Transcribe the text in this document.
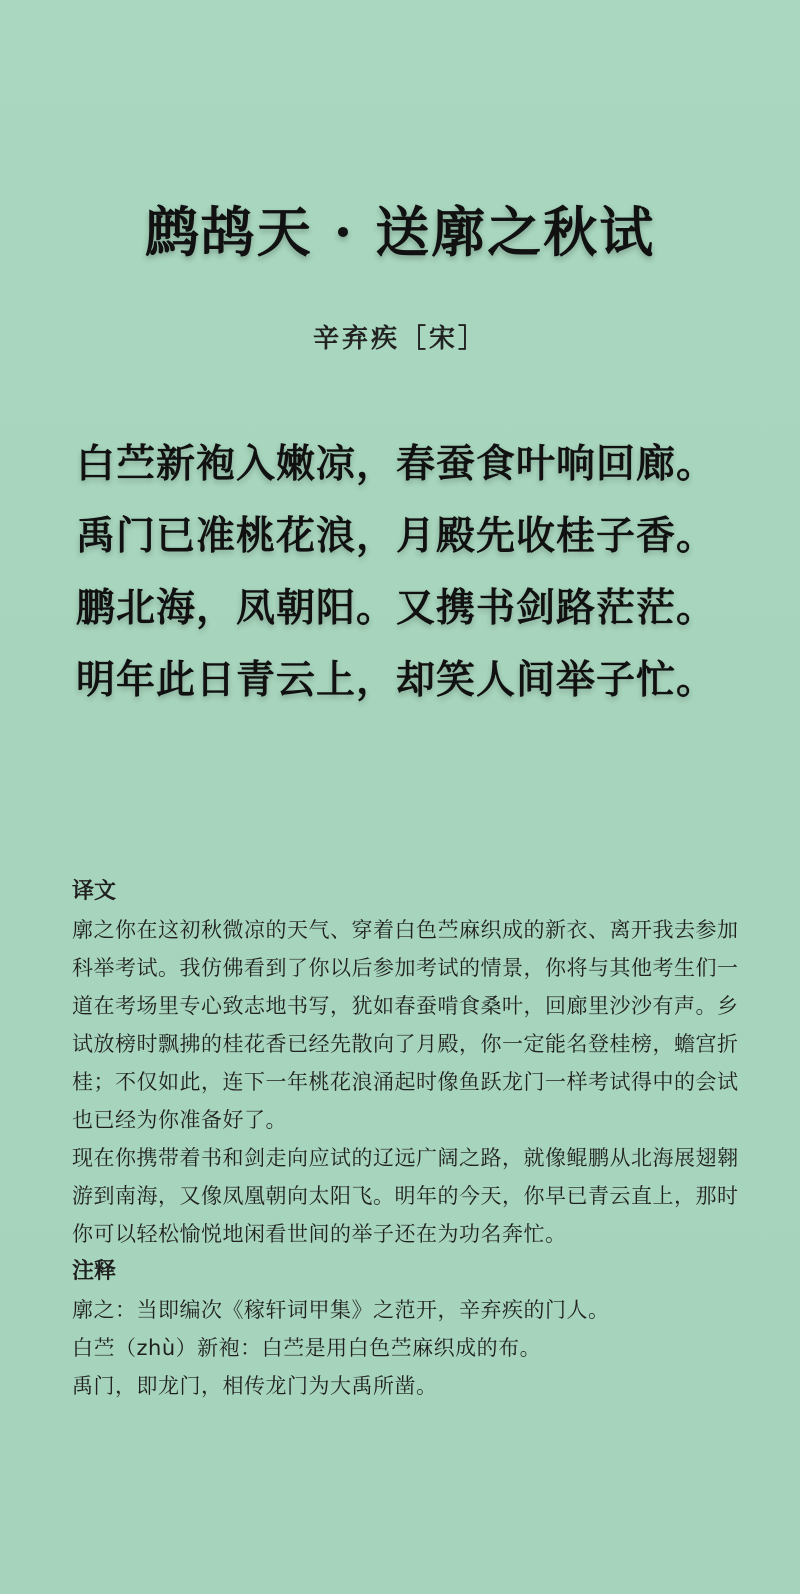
鹧鸪天 · 送廓之秋试
辛弃疾［宋］
白苎新袍入嫩凉，春蚕食叶响回廊。
禹门已准桃花浪，月殿先收桂子香。
鹏北海，凤朝阳。又携书剑路茫茫。
明年此日青云上，却笑人间举子忙。
译文

廓之你在这初秋微凉的天气、穿着白色苎麻织成的新衣、离开我去参加科举考试。我仿佛看到了你以后参加考试的情景，你将与其他考生们一道在考场里专心致志地书写，犹如春蚕啃食桑叶，回廊里沙沙有声。乡试放榜时飘拂的桂花香已经先散向了月殿，你一定能名登桂榜，蟾宫折桂；不仅如此，连下一年桃花浪涌起时像鱼跃龙门一样考试得中的会试也已经为你准备好了。

现在你携带着书和剑走向应试的辽远广阔之路，就像鲲鹏从北海展翅翱游到南海，又像凤凰朝向太阳飞。明年的今天，你早已青云直上，那时你可以轻松愉悦地闲看世间的举子还在为功名奔忙。

注释

廓之：当即编次《稼轩词甲集》之范开，辛弃疾的门人。

白苎（zhù）新袍：白苎是用白色苎麻织成的布。

禹门，即龙门，相传龙门为大禹所凿。
